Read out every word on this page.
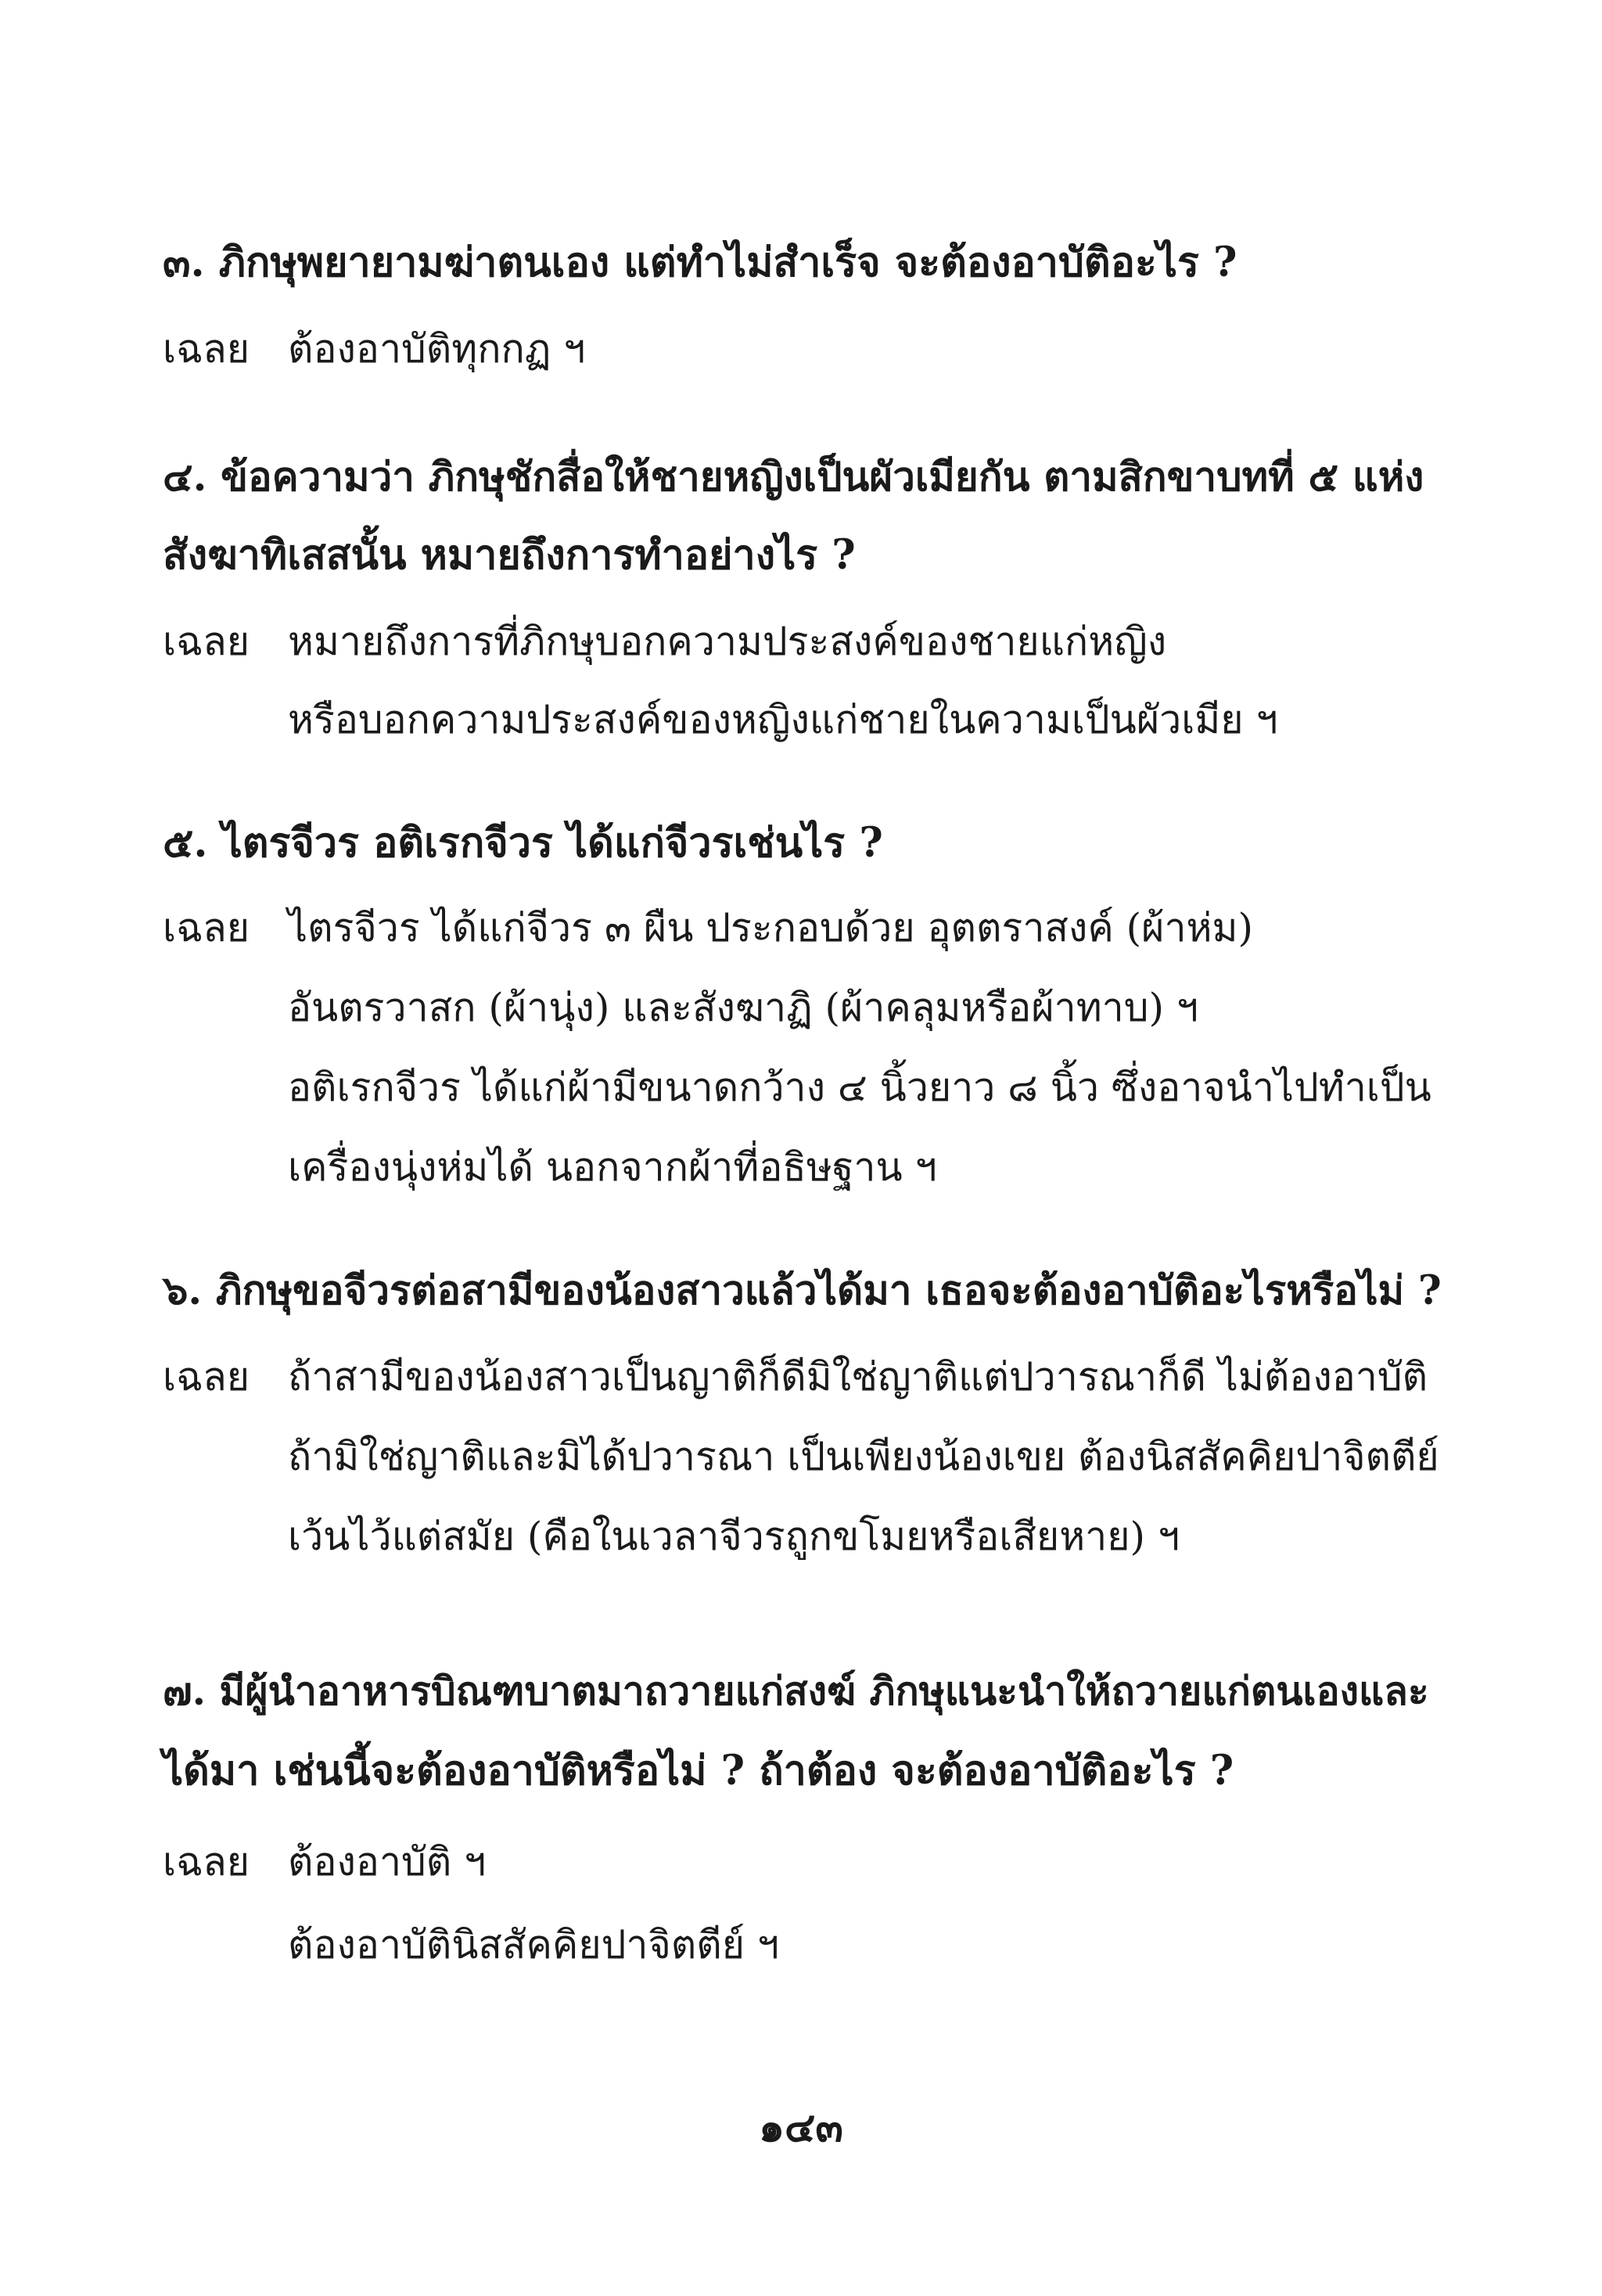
๓. ภิกษุพยายามฆ่าตนเอง แต่ทำไม่สำเร็จ จะต้องอาบัติอะไร ?
เฉลย ต้องอาบัติทุกกฏ ฯ
๔. ข้อความว่า ภิกษุชักสื่อให้ชายหญิงเป็นผัวเมียกัน ตามสิกขาบทที่ ๕ แห่ง
สังฆาทิเสสนั้น หมายถึงการทำอย่างไร ?
เฉลย หมายถึงการที่ภิกษุบอกความประสงค์ของชายแก่หญิง
หรือบอกความประสงค์ของหญิงแก่ชายในความเป็นผัวเมีย ฯ
๕. ไตรจีวร อติเรกจีวร ได้แก่จีวรเช่นไร ?
เฉลย ไตรจีวร ได้แก่จีวร ๓ ผืน ประกอบด้วย อุตตราสงค์ (ผ้าห่ม)
อันตรวาสก (ผ้านุ่ง) และสังฆาฏิ (ผ้าคลุมหรือผ้าทาบ) ฯ
อติเรกจีวร ได้แก่ผ้ามีขนาดกว้าง ๔ นิ้วยาว ๘ นิ้ว ซึ่งอาจนำไปทำเป็น
เครื่องนุ่งห่มได้ นอกจากผ้าที่อธิษฐาน ฯ
๖. ภิกษุขอจีวรต่อสามีของน้องสาวแล้วได้มา เธอจะต้องอาบัติอะไรหรือไม่ ?
เฉลย ถ้าสามีของน้องสาวเป็นญาติก็ดีมิใช่ญาติแต่ปวารณาก็ดี ไม่ต้องอาบัติ
ถ้ามิใช่ญาติและมิได้ปวารณา เป็นเพียงน้องเขย ต้องนิสสัคคิยปาจิตตีย์
เว้นไว้แต่สมัย (คือในเวลาจีวรถูกขโมยหรือเสียหาย) ฯ
๗. มีผู้นำอาหารบิณฑบาตมาถวายแก่สงฆ์ ภิกษุแนะนำให้ถวายแก่ตนเองและ
ได้มา เช่นนี้จะต้องอาบัติหรือไม่ ? ถ้าต้อง จะต้องอาบัติอะไร ?
เฉลย ต้องอาบัติ ฯ
ต้องอาบัตินิสสัคคิยปาจิตตีย์ ฯ
๑๔๓
